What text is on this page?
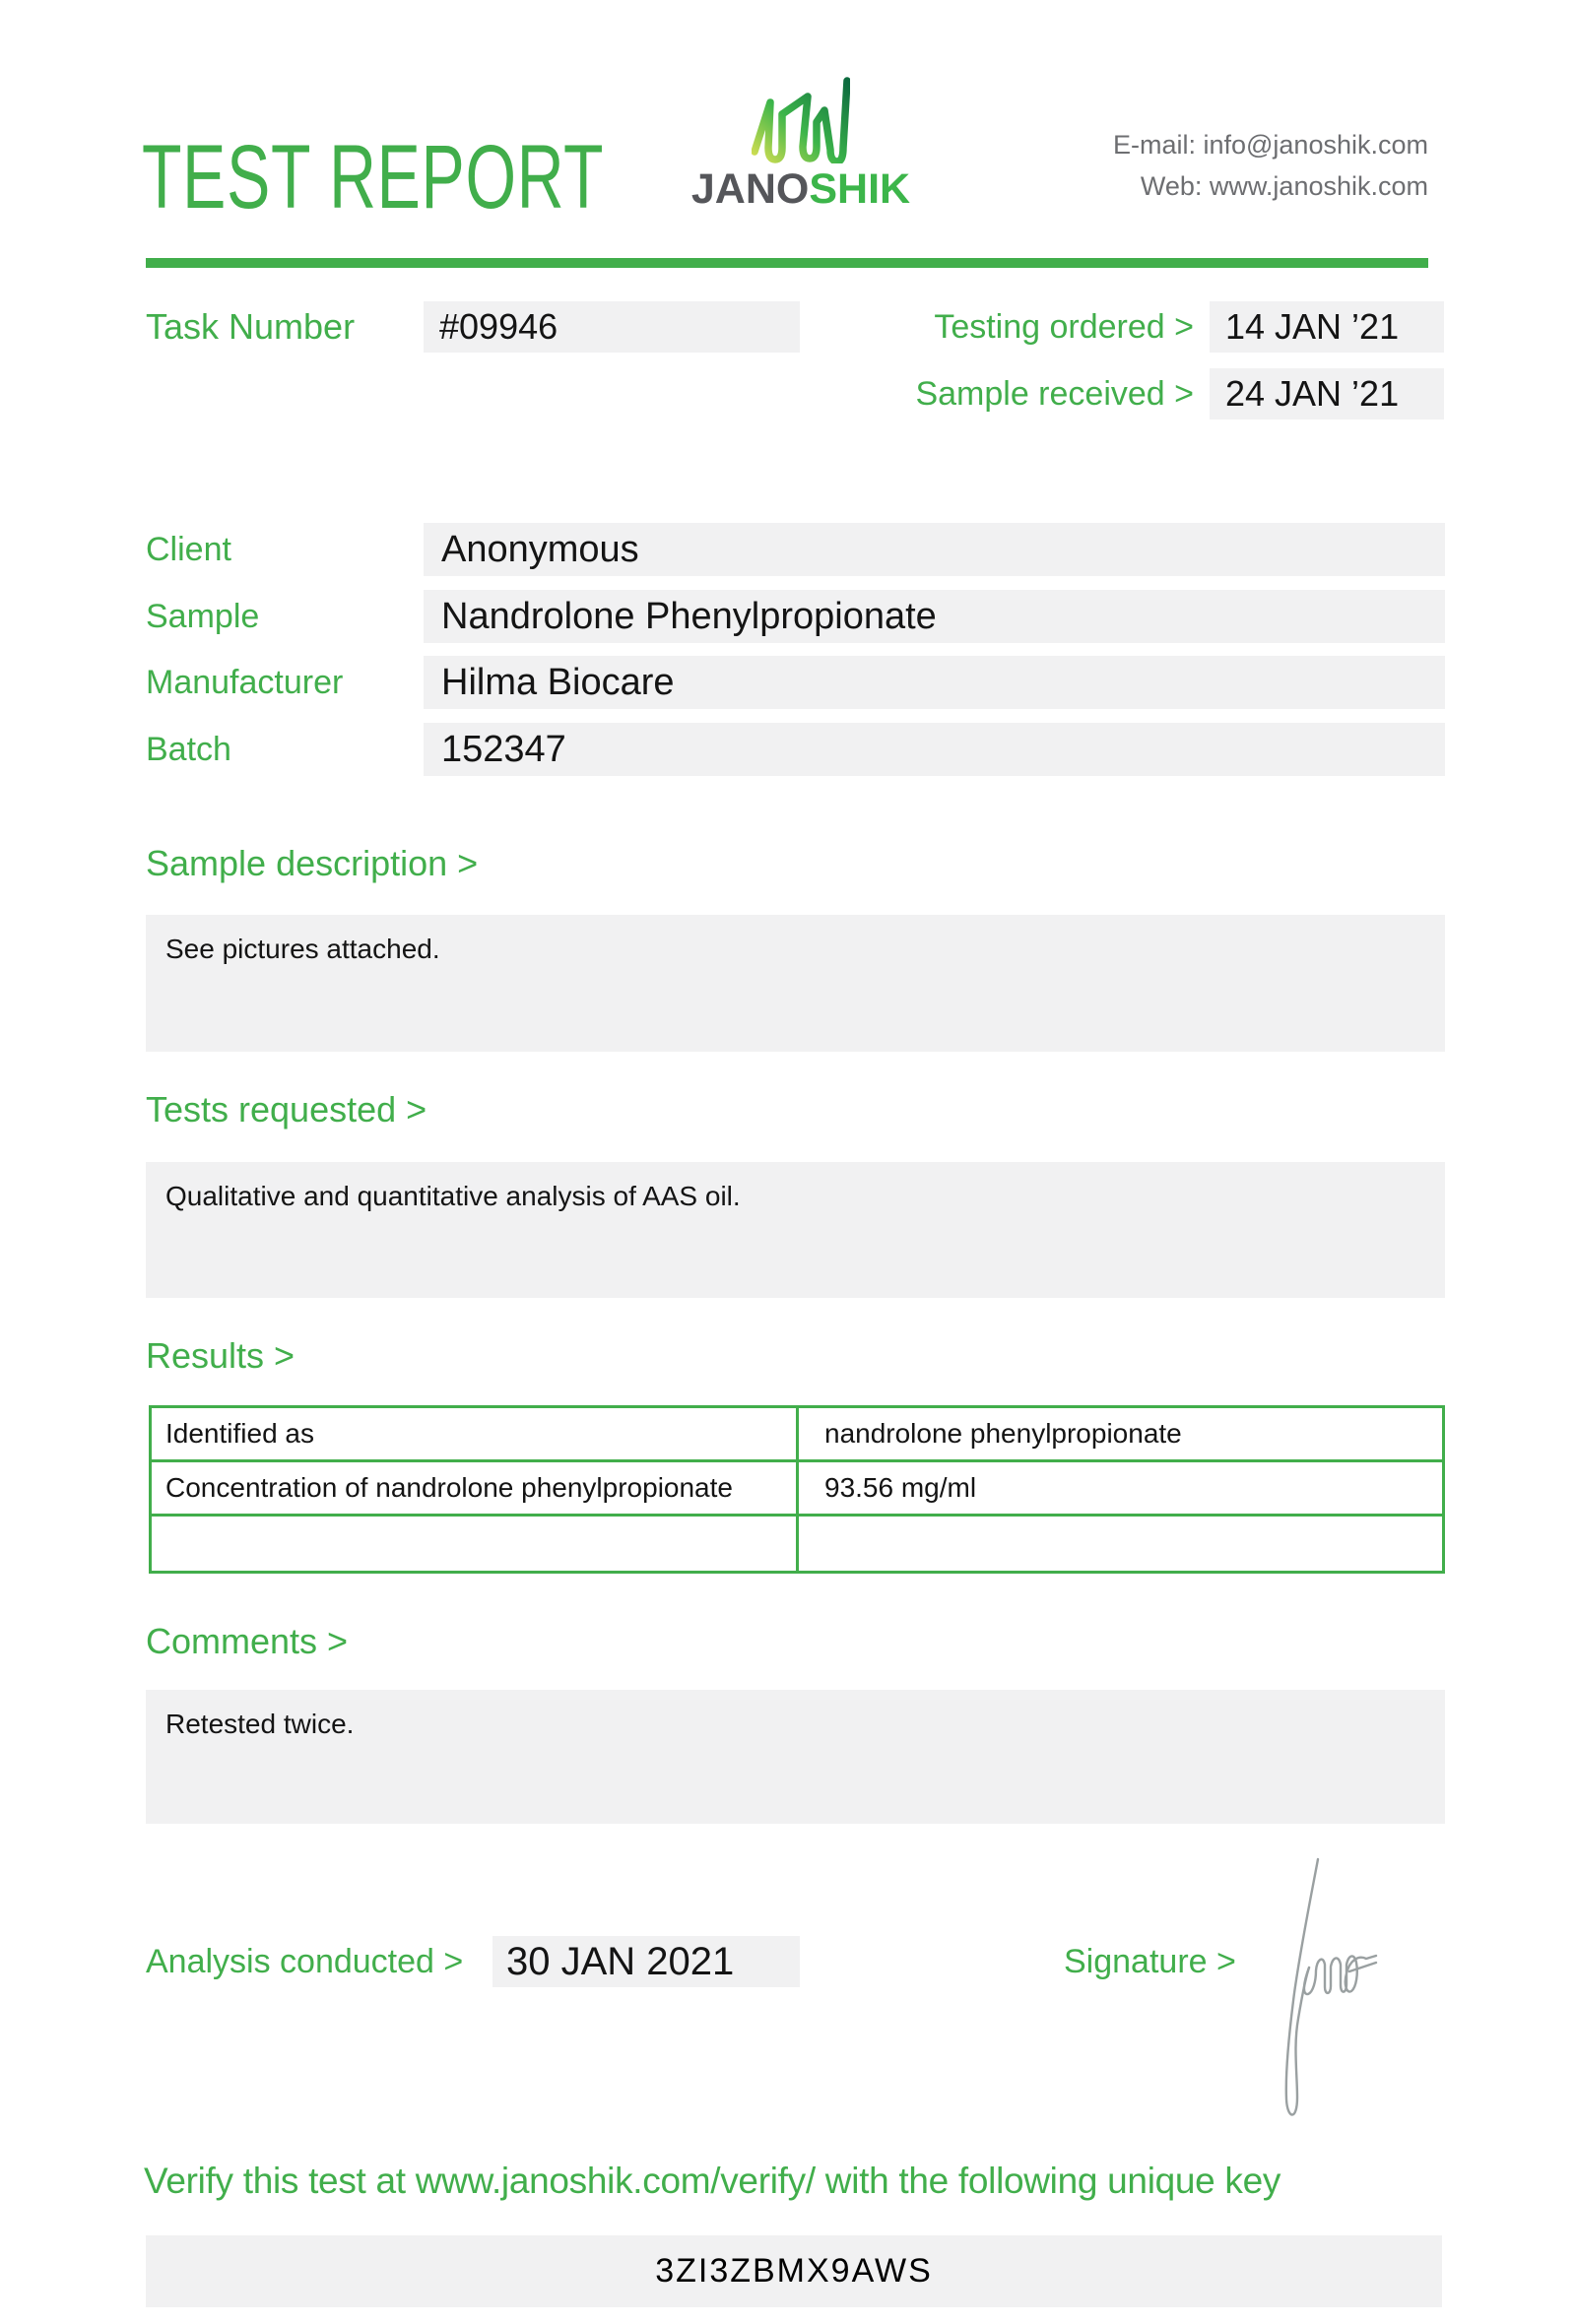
TEST REPORT	JANOSHIK
E-mail: info@janoshik.com
Web: www.janoshik.com
Task Number	#09946	Testing ordered > 14 JAN ’21
Sample received > 24 JAN ’21
Client	Anonymous
Sample	Nandrolone Phenylpropionate
Manufacturer	Hilma Biocare
Batch	152347
Sample description >
See pictures attached.
Tests requested >
Qualitative and quantitative analysis of AAS oil.
Results >
Identified as	nandrolone phenylpropionate
Concentration of nandrolone phenylpropionate	93.56 mg/ml

Comments >
Retested twice.
Analysis conducted >	30 JAN 2021	Signature >
Verify this test at www.janoshik.com/verify/ with the following unique key
3ZI3ZBMX9AWS
